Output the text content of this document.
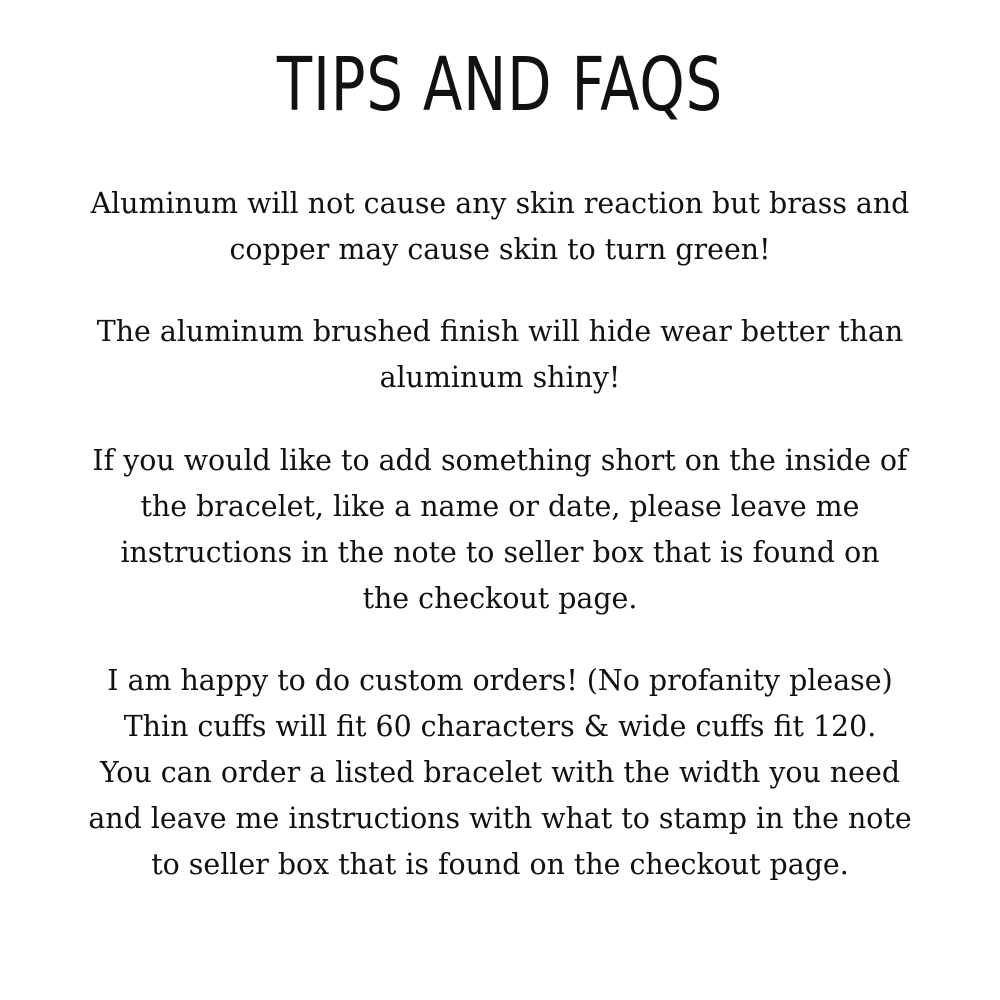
TIPS AND FAQS

Aluminum will not cause any skin reaction but brass and
copper may cause skin to turn green!

The aluminum brushed finish will hide wear better than
aluminum shiny!

If you would like to add something short on the inside of
the bracelet, like a name or date, please leave me
instructions in the note to seller box that is found on
the checkout page.

I am happy to do custom orders! (No profanity please)
Thin cuffs will fit 60 characters & wide cuffs fit 120.
You can order a listed bracelet with the width you need
and leave me instructions with what to stamp in the note
to seller box that is found on the checkout page.
